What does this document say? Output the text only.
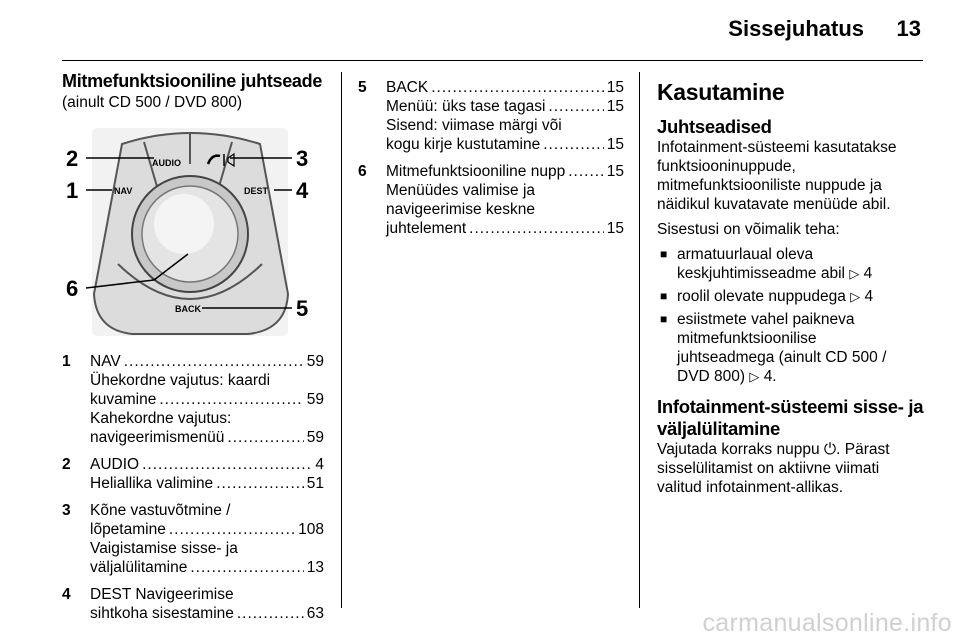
Sissejuhatus 13
Mitmefunktsiooniline juhtseade
(ainult CD 500 / DVD 800)
AUDIO
NAV	DEST
BACK
2
1
6
3
4
5
1 NAV .....	59
Ühekordne vajutus: kaardi
kuvamine .....	59
Kahekordne vajutus:
navigeerimismenüü .....	59
2 AUDIO .....	4
Heliallika valimine .....	51
3 Kõne vastuvõtmine /
lõpetamine .....	108
Vaigistamise sisse- ja
väljalülitamine .....	13
4 DEST Navigeerimise
sihtkoha sisestamine .....	63
5 BACK .....	15
Menüü: üks tase tagasi .....	15
Sisend: viimase märgi või
kogu kirje kustutamine .....	15
6 Mitmefunktsiooniline nupp .....	15
Menüüdes valimise ja
navigeerimise keskne
juhtelement .....	15
Kasutamine
Juhtseadised
Infotainment-süsteemi kasutatakse
funktsiooninuppude,
mitmefunktsiooniliste nuppude ja
näidikul kuvatavate menüüde abil.
Sisestusi on võimalik teha:
■ armatuurlaual oleva
keskjuhtimisseadme abil ▷ 4
■ roolil olevate nuppudega ▷ 4
■ esiistmete vahel paikneva
mitmefunktsioonilise
juhtseadmega (ainult CD 500 /
DVD 800) ▷ 4.
Infotainment-süsteemi sisse- ja
väljalülitamine
Vajutada korraks nuppu ⏻. Pärast
sisselülitamist on aktiivne viimati
valitud infotainment-allikas.
carmanualsonline.info
